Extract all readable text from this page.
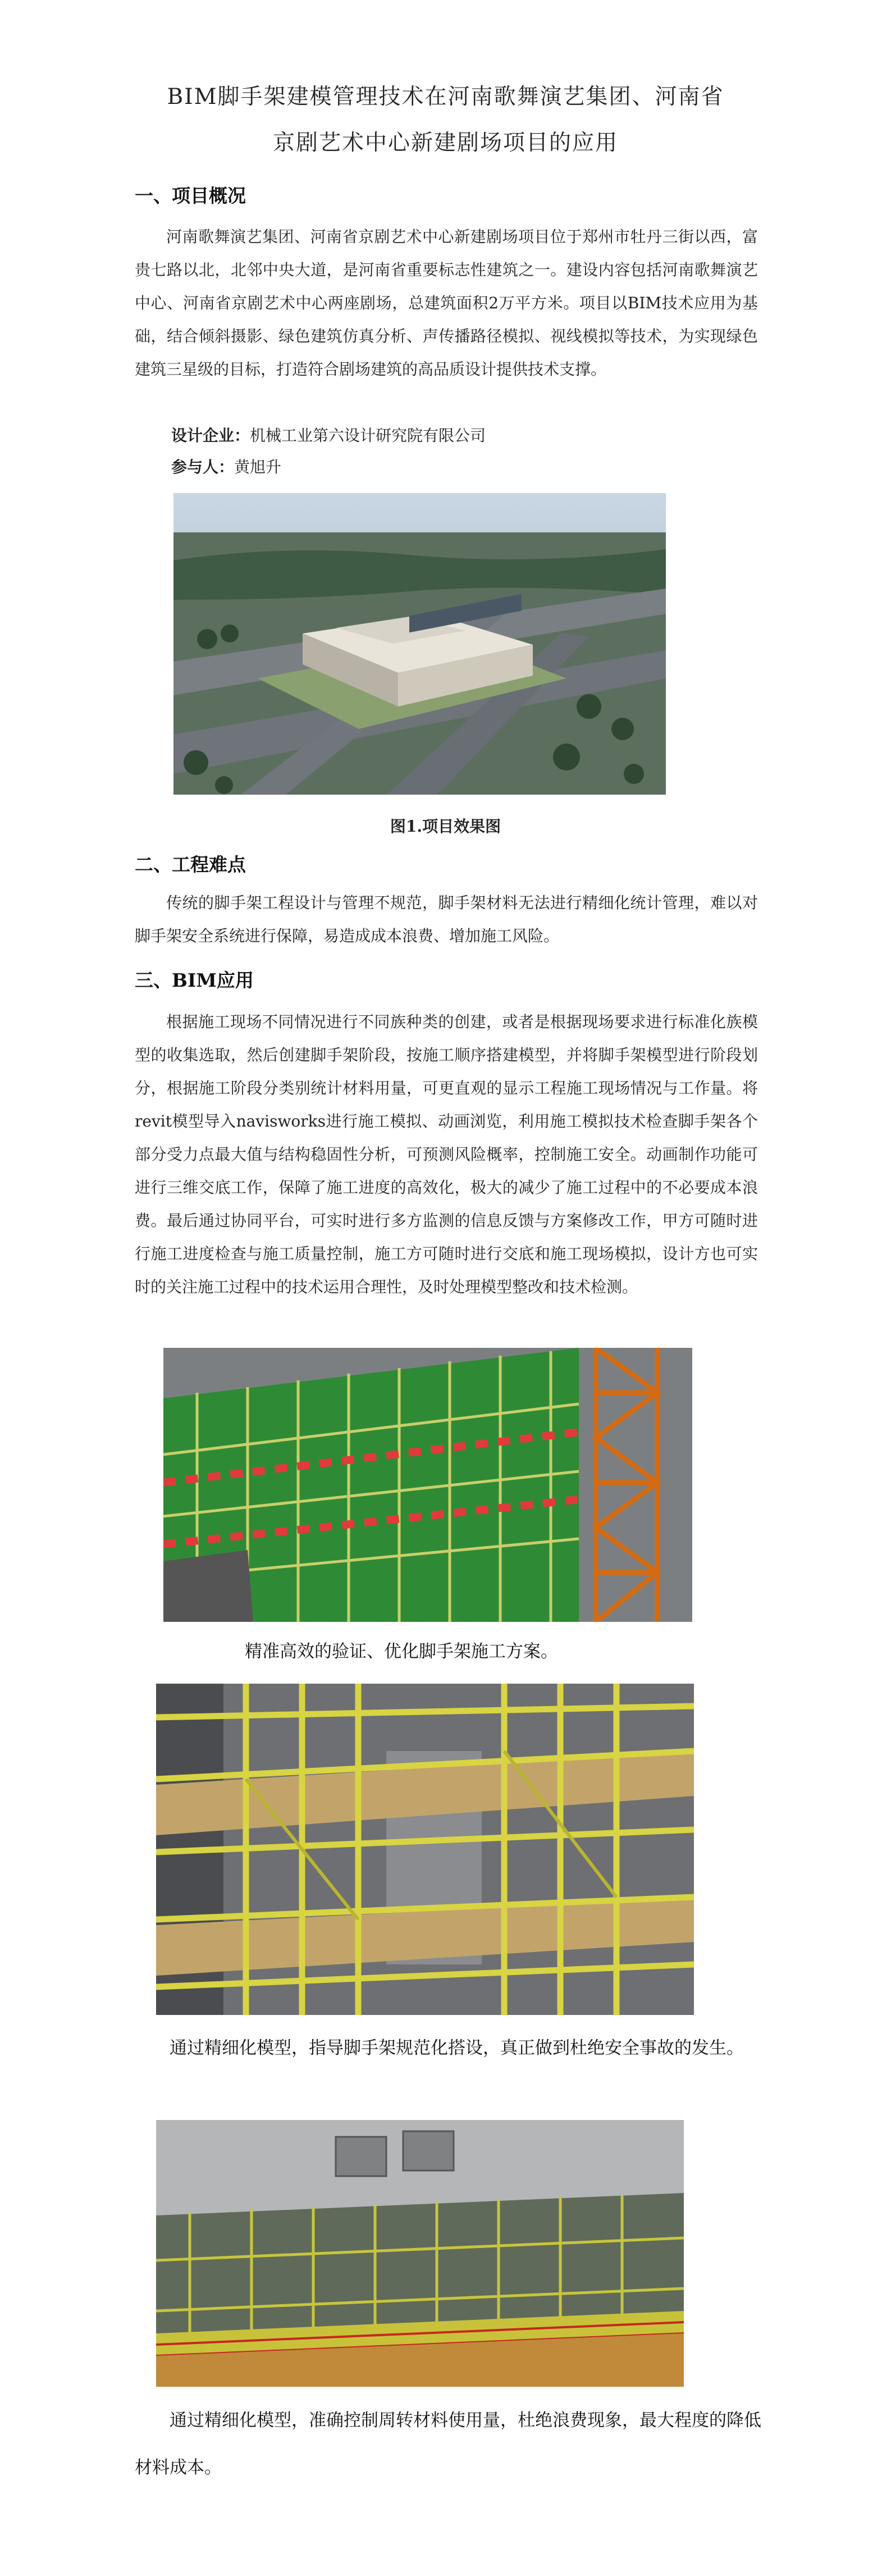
BIM脚手架建模管理技术在河南歌舞演艺集团、河南省
京剧艺术中心新建剧场项目的应用
一、项目概况
河南歌舞演艺集团、河南省京剧艺术中心新建剧场项目位于郑州市牡丹三街以西，富贵七路以北，北邻中央大道，是河南省重要标志性建筑之一。建设内容包括河南歌舞演艺中心、河南省京剧艺术中心两座剧场，总建筑面积2万平方米。项目以BIM技术应用为基础，结合倾斜摄影、绿色建筑仿真分析、声传播路径模拟、视线模拟等技术，为实现绿色建筑三星级的目标，打造符合剧场建筑的高品质设计提供技术支撑。
设计企业：机械工业第六设计研究院有限公司
参与人：黄旭升
图1.项目效果图
二、工程难点
传统的脚手架工程设计与管理不规范，脚手架材料无法进行精细化统计管理，难以对脚手架安全系统进行保障，易造成成本浪费、增加施工风险。
三、BIM应用
根据施工现场不同情况进行不同族种类的创建，或者是根据现场要求进行标准化族模型的收集选取，然后创建脚手架阶段，按施工顺序搭建模型，并将脚手架模型进行阶段划分，根据施工阶段分类别统计材料用量，可更直观的显示工程施工现场情况与工作量。将revit模型导入navisworks进行施工模拟、动画浏览，利用施工模拟技术检查脚手架各个部分受力点最大值与结构稳固性分析，可预测风险概率，控制施工安全。动画制作功能可进行三维交底工作，保障了施工进度的高效化，极大的减少了施工过程中的不必要成本浪费。最后通过协同平台，可实时进行多方监测的信息反馈与方案修改工作，甲方可随时进行施工进度检查与施工质量控制，施工方可随时进行交底和施工现场模拟，设计方也可实时的关注施工过程中的技术运用合理性，及时处理模型整改和技术检测。
精准高效的验证、优化脚手架施工方案。
通过精细化模型，指导脚手架规范化搭设，真正做到杜绝安全事故的发生。
通过精细化模型，准确控制周转材料使用量，杜绝浪费现象，最大程度的降低材料成本。
